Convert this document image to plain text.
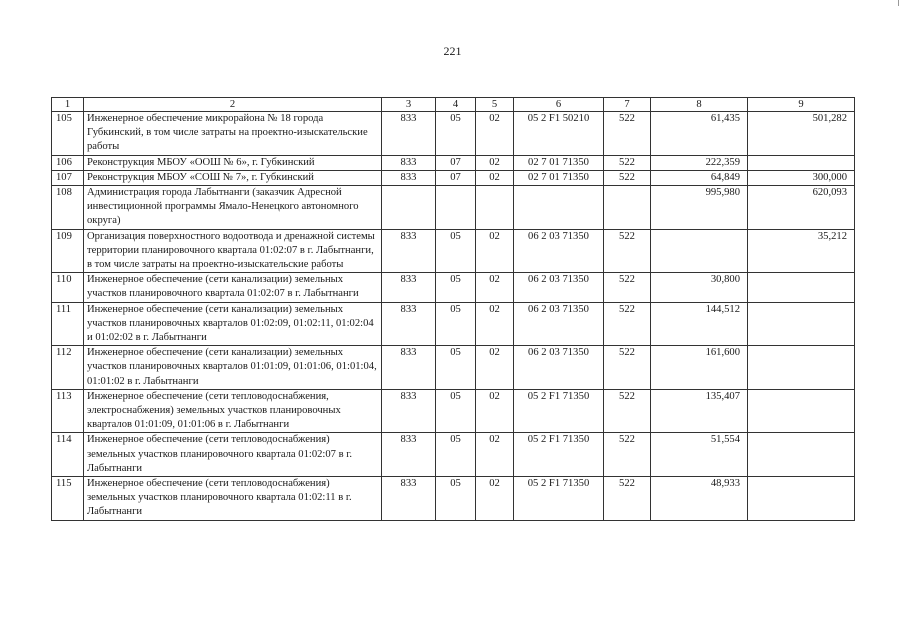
221
1	2	3	4	5	6	7	8	9
105	Инженерное обеспечение микрорайона № 18 города Губкинский, в том числе затраты на проектно-изыскательские работы	833	05	02	05 2 F1 50210	522	61,435	501,282
106	Реконструкция МБОУ «ООШ № 6», г. Губкинский	833	07	02	02 7 01 71350	522	222,359	
107	Реконструкция МБОУ «СОШ № 7», г. Губкинский	833	07	02	02 7 01 71350	522	64,849	300,000
108	Администрация города Лабытнанги (заказчик Адресной инвестиционной программы Ямало-Ненецкого автономного округа)						995,980	620,093
109	Организация поверхностного водоотвода и дренажной системы территории планировочного квартала 01:02:07 в г. Лабытнанги, в том числе затраты на проектно-изыскательские работы	833	05	02	06 2 03 71350	522		35,212
110	Инженерное обеспечение (сети канализации) земельных участков планировочного квартала 01:02:07 в г. Лабытнанги	833	05	02	06 2 03 71350	522	30,800	
111	Инженерное обеспечение (сети канализации) земельных участков планировочных кварталов 01:02:09, 01:02:11, 01:02:04 и 01:02:02 в г. Лабытнанги	833	05	02	06 2 03 71350	522	144,512	
112	Инженерное обеспечение (сети канализации) земельных участков планировочных кварталов 01:01:09, 01:01:06, 01:01:04, 01:01:02 в г. Лабытнанги	833	05	02	06 2 03 71350	522	161,600	
113	Инженерное обеспечение (сети тепловодоснабжения, электроснабжения) земельных участков планировочных кварталов 01:01:09, 01:01:06 в г. Лабытнанги	833	05	02	05 2 F1 71350	522	135,407	
114	Инженерное обеспечение (сети тепловодоснабжения) земельных участков планировочного квартала 01:02:07 в г. Лабытнанги	833	05	02	05 2 F1 71350	522	51,554	
115	Инженерное обеспечение (сети тепловодоснабжения) земельных участков планировочного квартала 01:02:11 в г. Лабытнанги	833	05	02	05 2 F1 71350	522	48,933	
